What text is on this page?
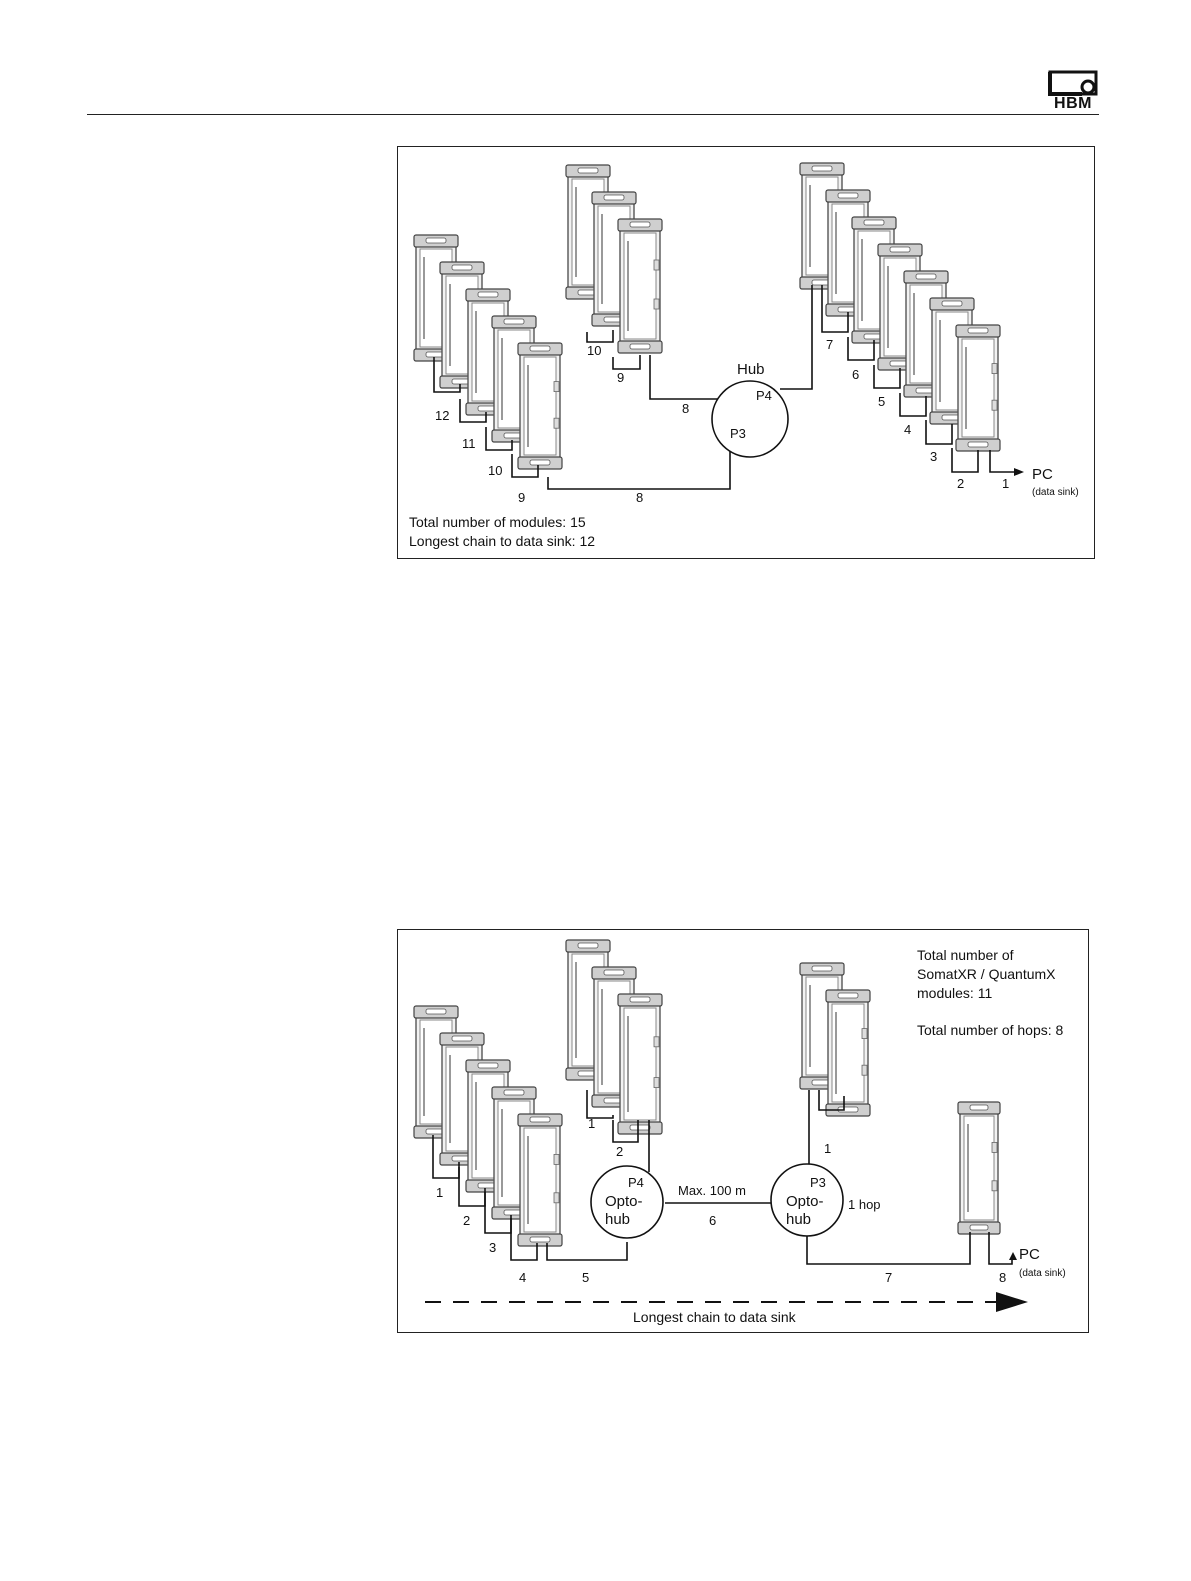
HBM
Hub
P4
P3
12
11
10
9	8
10
9
8
7
6
5
4
3
2	1
PC
(data sink)
Total number of modules: 15
Longest chain to data sink: 12
P4
Opto-
hub
P3
Opto-
hub
Max. 100 m
6
1 hop
1
2
3
4	5
1
2	1
7	8
PC
(data sink)
Longest chain to data sink
Total number of
SomatXR / QuantumX
modules: 11
Total number of hops: 8
